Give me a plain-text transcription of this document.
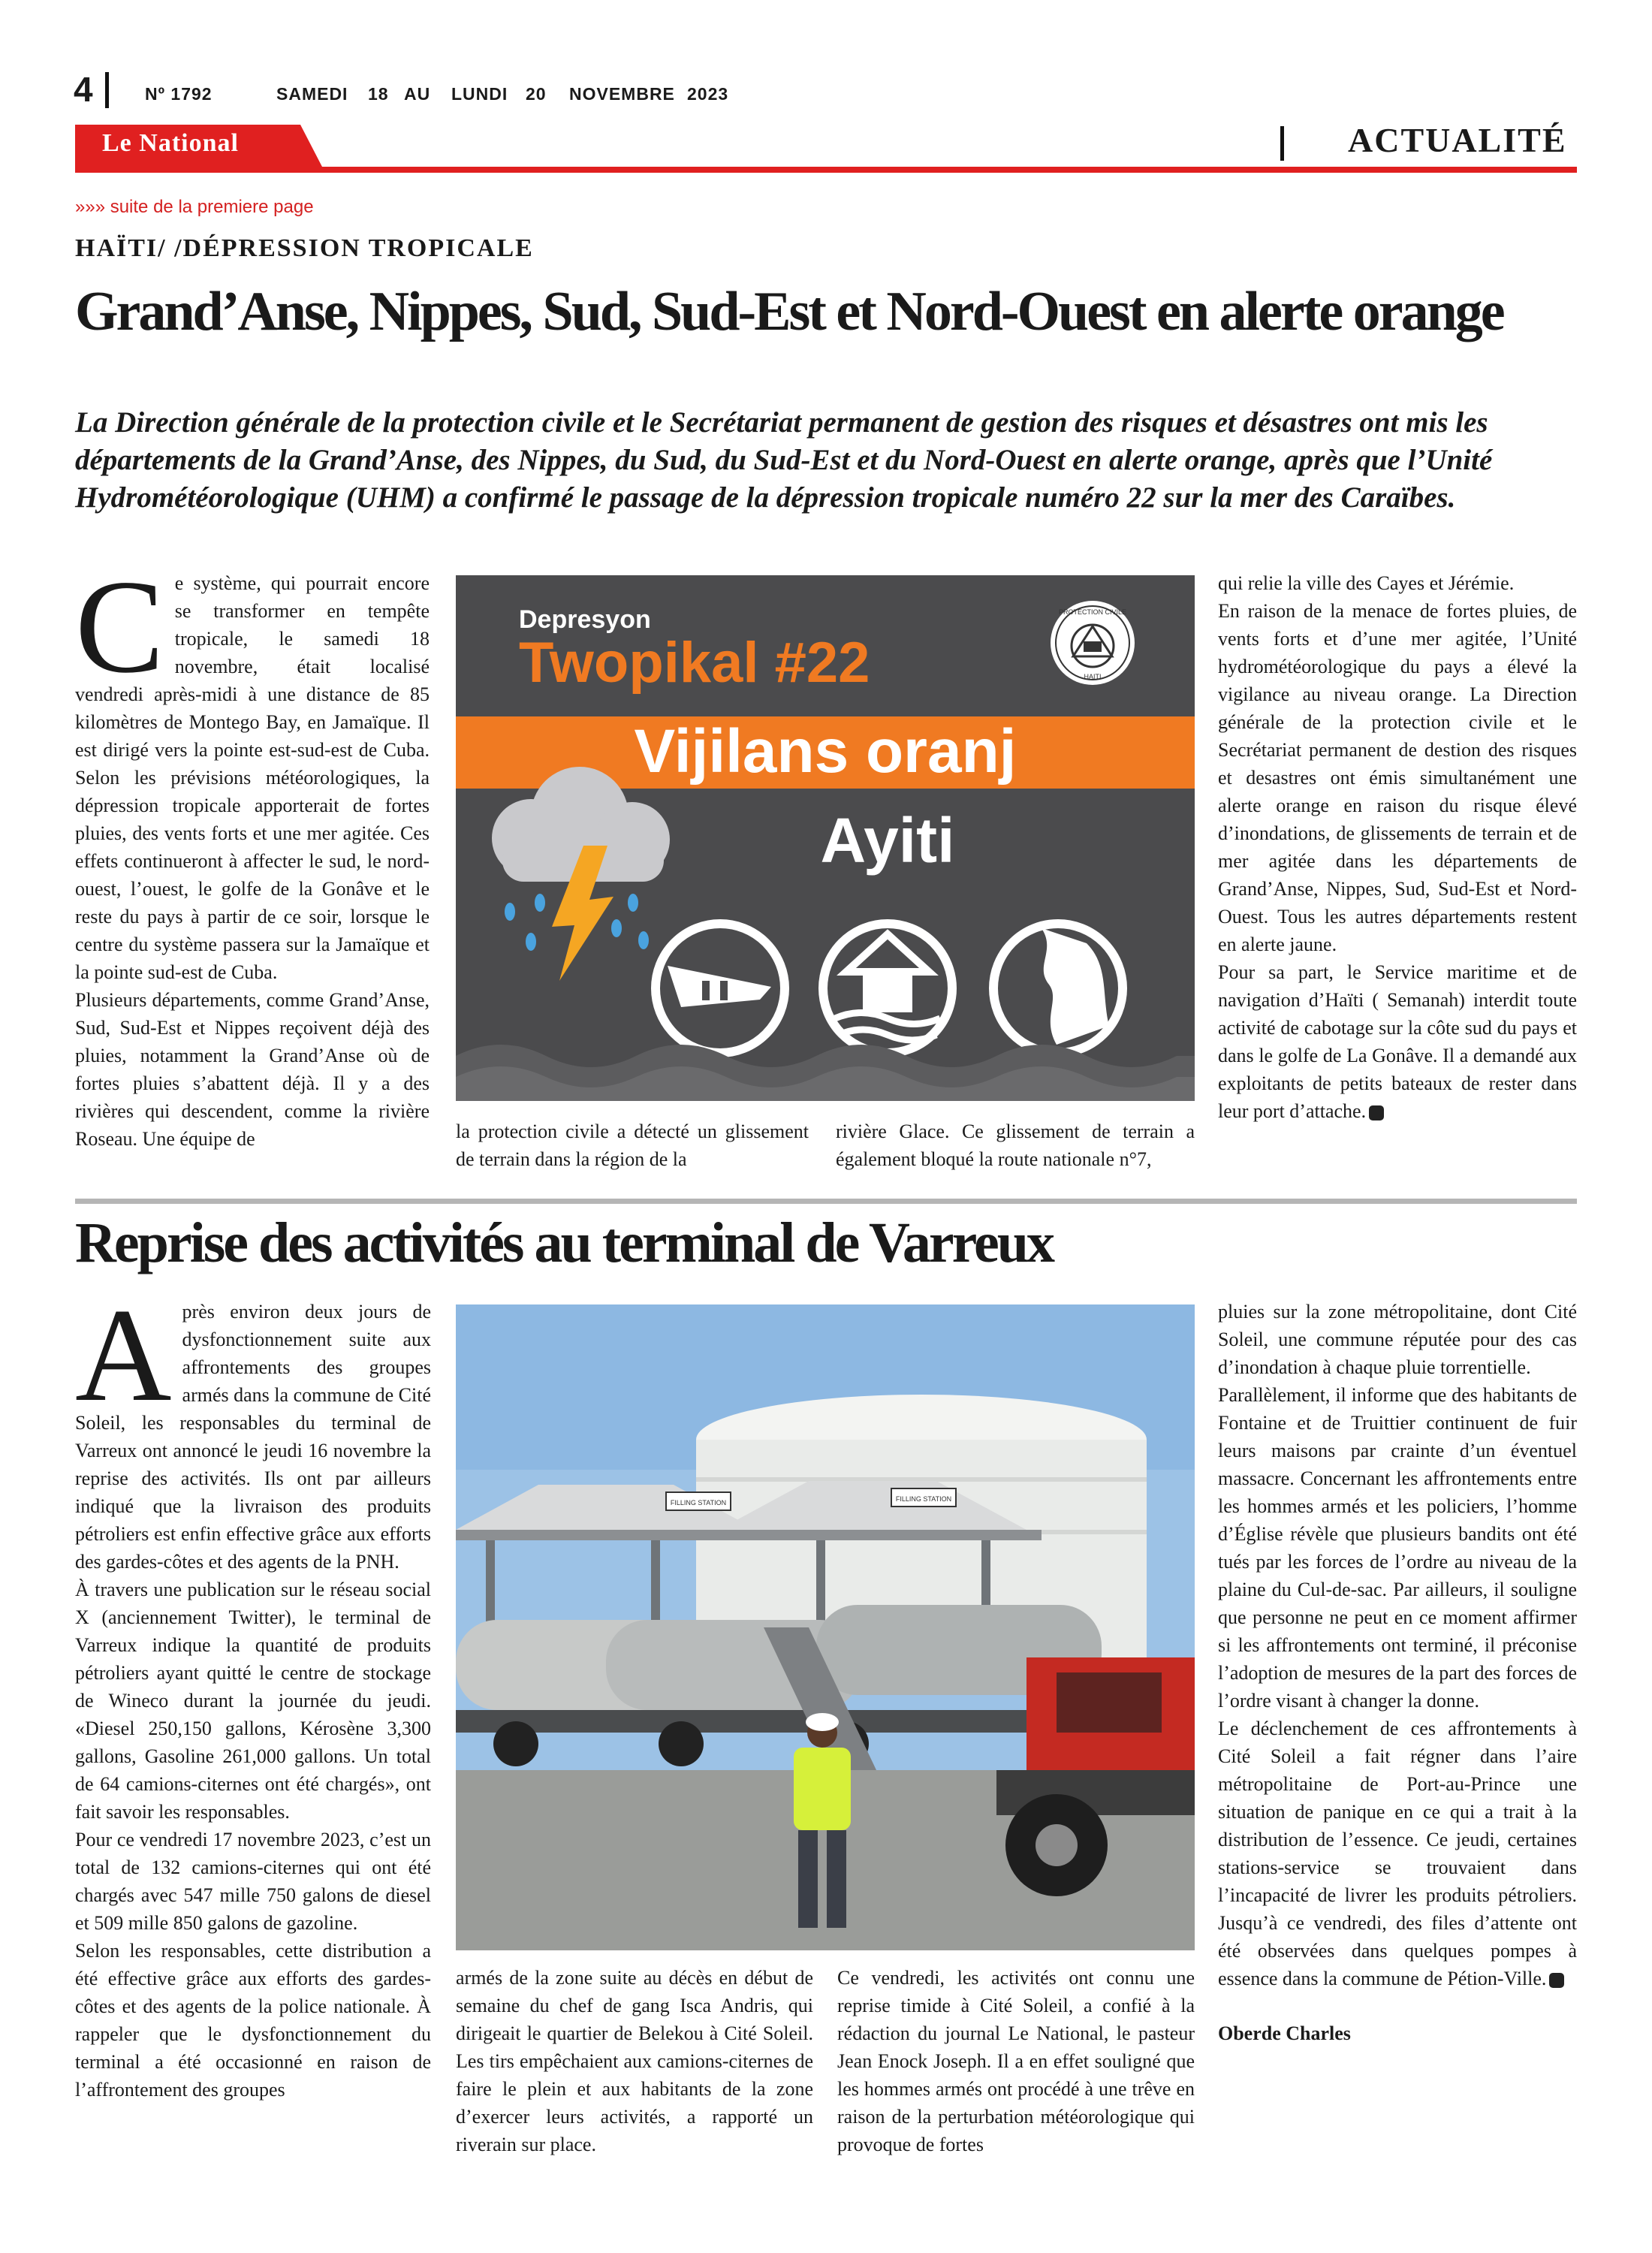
4	Nº 1792	SAMEDI 18 AU LUNDI 20 NOVEMBRE 2023
Le National	ACTUALITÉ
»»» suite de la premiere page
HAÏTI/ /DÉPRESSION TROPICALE
Grand’Anse, Nippes, Sud, Sud-Est et Nord-Ouest en alerte orange
La Direction générale de la protection civile et le Secrétariat permanent de gestion des risques et désastres ont mis les départements de la Grand’Anse, des Nippes, du Sud, du Sud-Est et du Nord-Ouest en alerte orange, après que l’Unité Hydrométéorologique (UHM) a confirmé le passage de la dépression tropicale numéro 22 sur la mer des Caraïbes.
C e système, qui pourrait encore se transformer en tempête tropicale, le samedi 18 novembre, était localisé vendredi après-midi à une distance de 85 kilomètres de Montego Bay, en Jamaïque. Il est dirigé vers la pointe est-sud-est de Cuba. Selon les prévisions météorologiques, la dépression tropicale apporterait de fortes pluies, des vents forts et une mer agitée. Ces effets continueront à affecter le sud, le nord-ouest, l’ouest, le golfe de la Gonâve et le reste du pays à partir de ce soir, lorsque le centre du système passera sur la Jamaïque et la pointe sud-est de Cuba.

Plusieurs départements, comme Grand’Anse, Sud, Sud-Est et Nippes reçoivent déjà des pluies, notamment la Grand’Anse où de fortes pluies s’abattent déjà. Il y a des rivières qui descendent, comme la rivière Roseau. Une équipe de

Depresyon
Twopikal #22
PROTECTION CIVILE
HAITI
Vijilans oranj
Ayiti

la protection civile a détecté un glissement de terrain dans la région de la

rivière Glace. Ce glissement de terrain a également bloqué la route nationale n°7,

qui relie la ville des Cayes et Jérémie.

En raison de la menace de fortes pluies, de vents forts et d’une mer agitée, l’Unité hydrométéorologique du pays a élevé la vigilance au niveau orange. La Direction générale de la protection civile et le Secrétariat permanent de destion des risques et desastres ont émis simultanément une alerte orange en raison du risque élevé d’inondations, de glissements de terrain et de mer agitée dans les départements de Grand’Anse, Nippes, Sud, Sud-Est et Nord-Ouest. Tous les autres départements restent en alerte jaune.

Pour sa part, le Service maritime et de navigation d’Haïti ( Semanah) interdit toute activité de cabotage sur la côte sud du pays et dans le golfe de La Gonâve. Il a demandé aux exploitants de petits bateaux de rester dans leur port d’attache.

Reprise des activités au terminal de Varreux
A près environ deux jours de dysfonctionnement suite aux affrontements des groupes armés dans la commune de Cité Soleil, les responsables du terminal de Varreux ont annoncé le jeudi 16 novembre la reprise des activités. Ils ont par ailleurs indiqué que la livraison des produits pétroliers est enfin effective grâce aux efforts des gardes-côtes et des agents de la PNH.

À travers une publication sur le réseau social X (anciennement Twitter), le terminal de Varreux indique la quantité de produits pétroliers ayant quitté le centre de stockage de Wineco durant la journée du jeudi. «Diesel 250,150 gallons, Kérosène 3,300 gallons, Gasoline 261,000 gallons. Un total de 64 camions-citernes ont été chargés», ont fait savoir les responsables.

Pour ce vendredi 17 novembre 2023, c’est un total de 132 camions-citernes qui ont été chargés avec 547 mille 750 galons de diesel et 509 mille 850 galons de gazoline.

Selon les responsables, cette distribution a été effective grâce aux efforts des gardes-côtes et des agents de la police nationale. À rappeler que le dysfonctionnement du terminal a été occasionné en raison de l’affrontement des groupes

FILLING STATION	FILLING STATION

armés de la zone suite au décès en début de semaine du chef de gang Isca Andris, qui dirigeait le quartier de Belekou à Cité Soleil. Les tirs empêchaient aux camions-citernes de faire le plein et aux habitants de la zone d’exercer leurs activités, a rapporté un riverain sur place.

Ce vendredi, les activités ont connu une reprise timide à Cité Soleil, a confié à la rédaction du journal Le National, le pasteur Jean Enock Joseph. Il a en effet souligné que les hommes armés ont procédé à une trêve en raison de la perturbation météorologique qui provoque de fortes

pluies sur la zone métropolitaine, dont Cité Soleil, une commune réputée pour des cas d’inondation à chaque pluie torrentielle.

Parallèlement, il informe que des habitants de Fontaine et de Truittier continuent de fuir leurs maisons par crainte d’un éventuel massacre. Concernant les affrontements entre les hommes armés et les policiers, l’homme d’Église révèle que plusieurs bandits ont été tués par les forces de l’ordre au niveau de la plaine du Cul-de-sac. Par ailleurs, il souligne que personne ne peut en ce moment affirmer si les affrontements ont terminé, il préconise l’adoption de mesures de la part des forces de l’ordre visant à changer la donne.

Le déclenchement de ces affrontements à Cité Soleil a fait régner dans l’aire métropolitaine de Port-au-Prince une situation de panique en ce qui a trait à la distribution de l’essence. Ce jeudi, certaines stations-service se trouvaient dans l’incapacité de livrer les produits pétroliers. Jusqu’à ce vendredi, des files d’attente ont été observées dans quelques pompes à essence dans la commune de Pétion-Ville.

Oberde Charles
